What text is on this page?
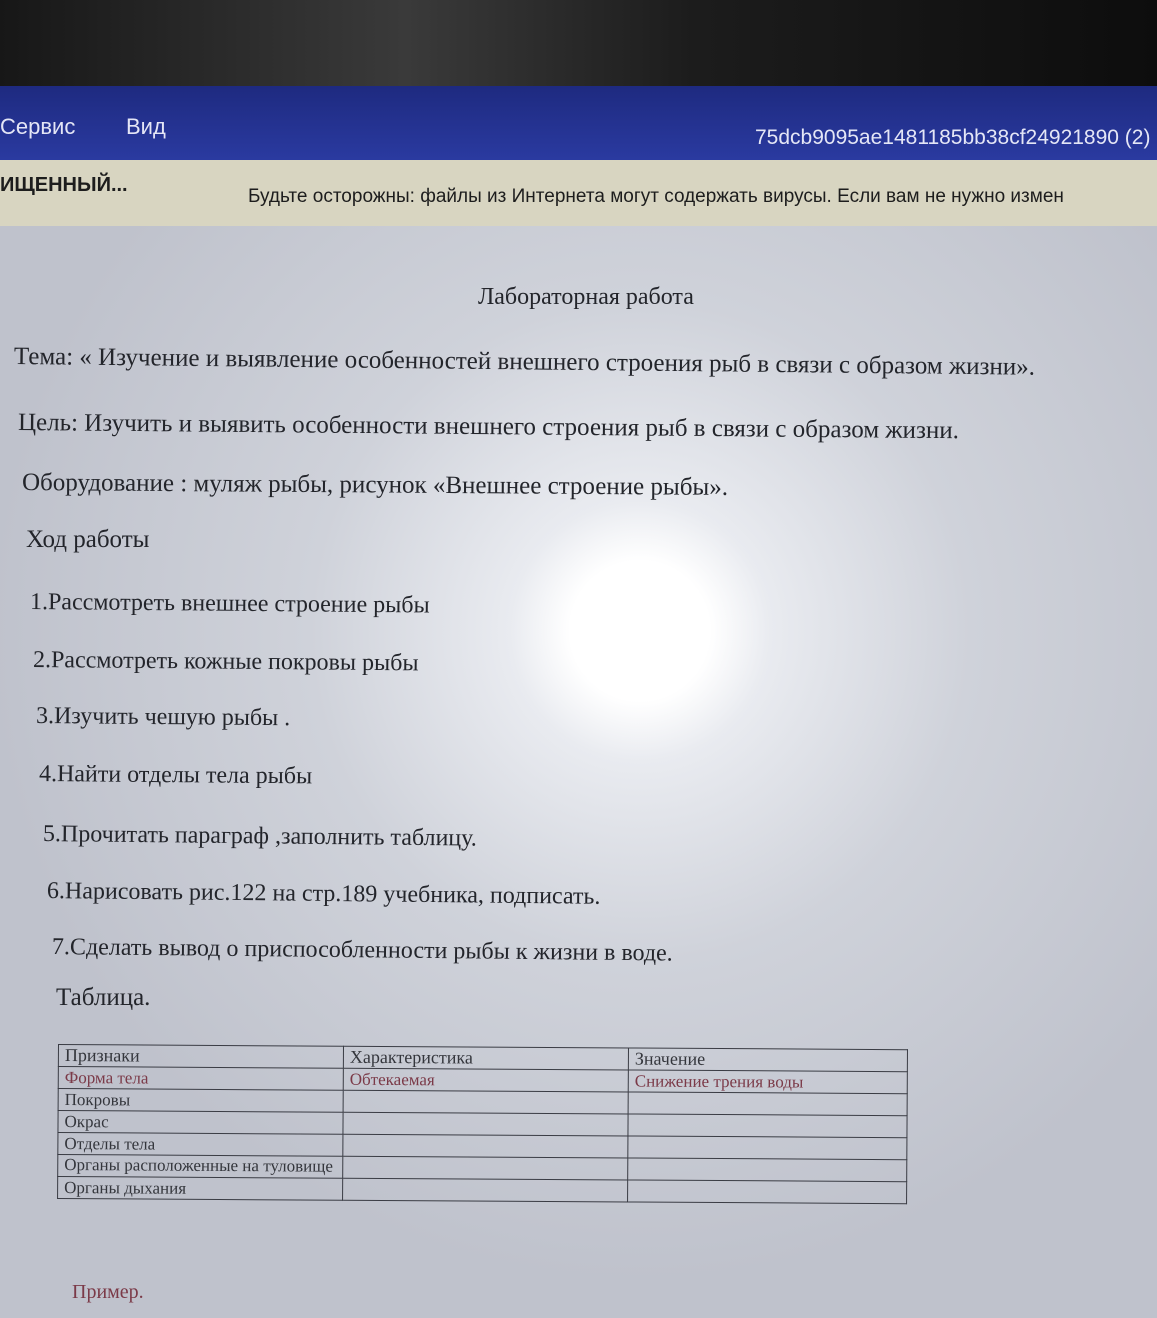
Сервис Вид	75dcb9095ae1481185bb38cf24921890 (2)
ИЩЕННЫЙ...
Будьте осторожны: файлы из Интернета могут содержать вирусы. Если вам не нужно измен
Лабораторная работа
Тема: « Изучение и выявление особенностей внешнего строения рыб в связи с образом жизни».
Цель: Изучить и выявить особенности внешнего строения рыб в связи с образом жизни.
Оборудование : муляж рыбы, рисунок «Внешнее строение рыбы».
Ход работы
1.Рассмотреть внешнее строение рыбы
2.Рассмотреть кожные покровы рыбы
3.Изучить чешую рыбы .
4.Найти отделы тела рыбы
5.Прочитать параграф ,заполнить таблицу.
6.Нарисовать рис.122 на стр.189 учебника, подписать.
7.Сделать вывод о приспособленности рыбы к жизни в воде.
Таблица.
Признаки	Характеристика	Значение
Форма тела	Обтекаемая	Снижение трения воды
Покровы		
Окрас		
Отделы тела		
Органы расположенные на туловище		
Органы дыхания		
Пример.
